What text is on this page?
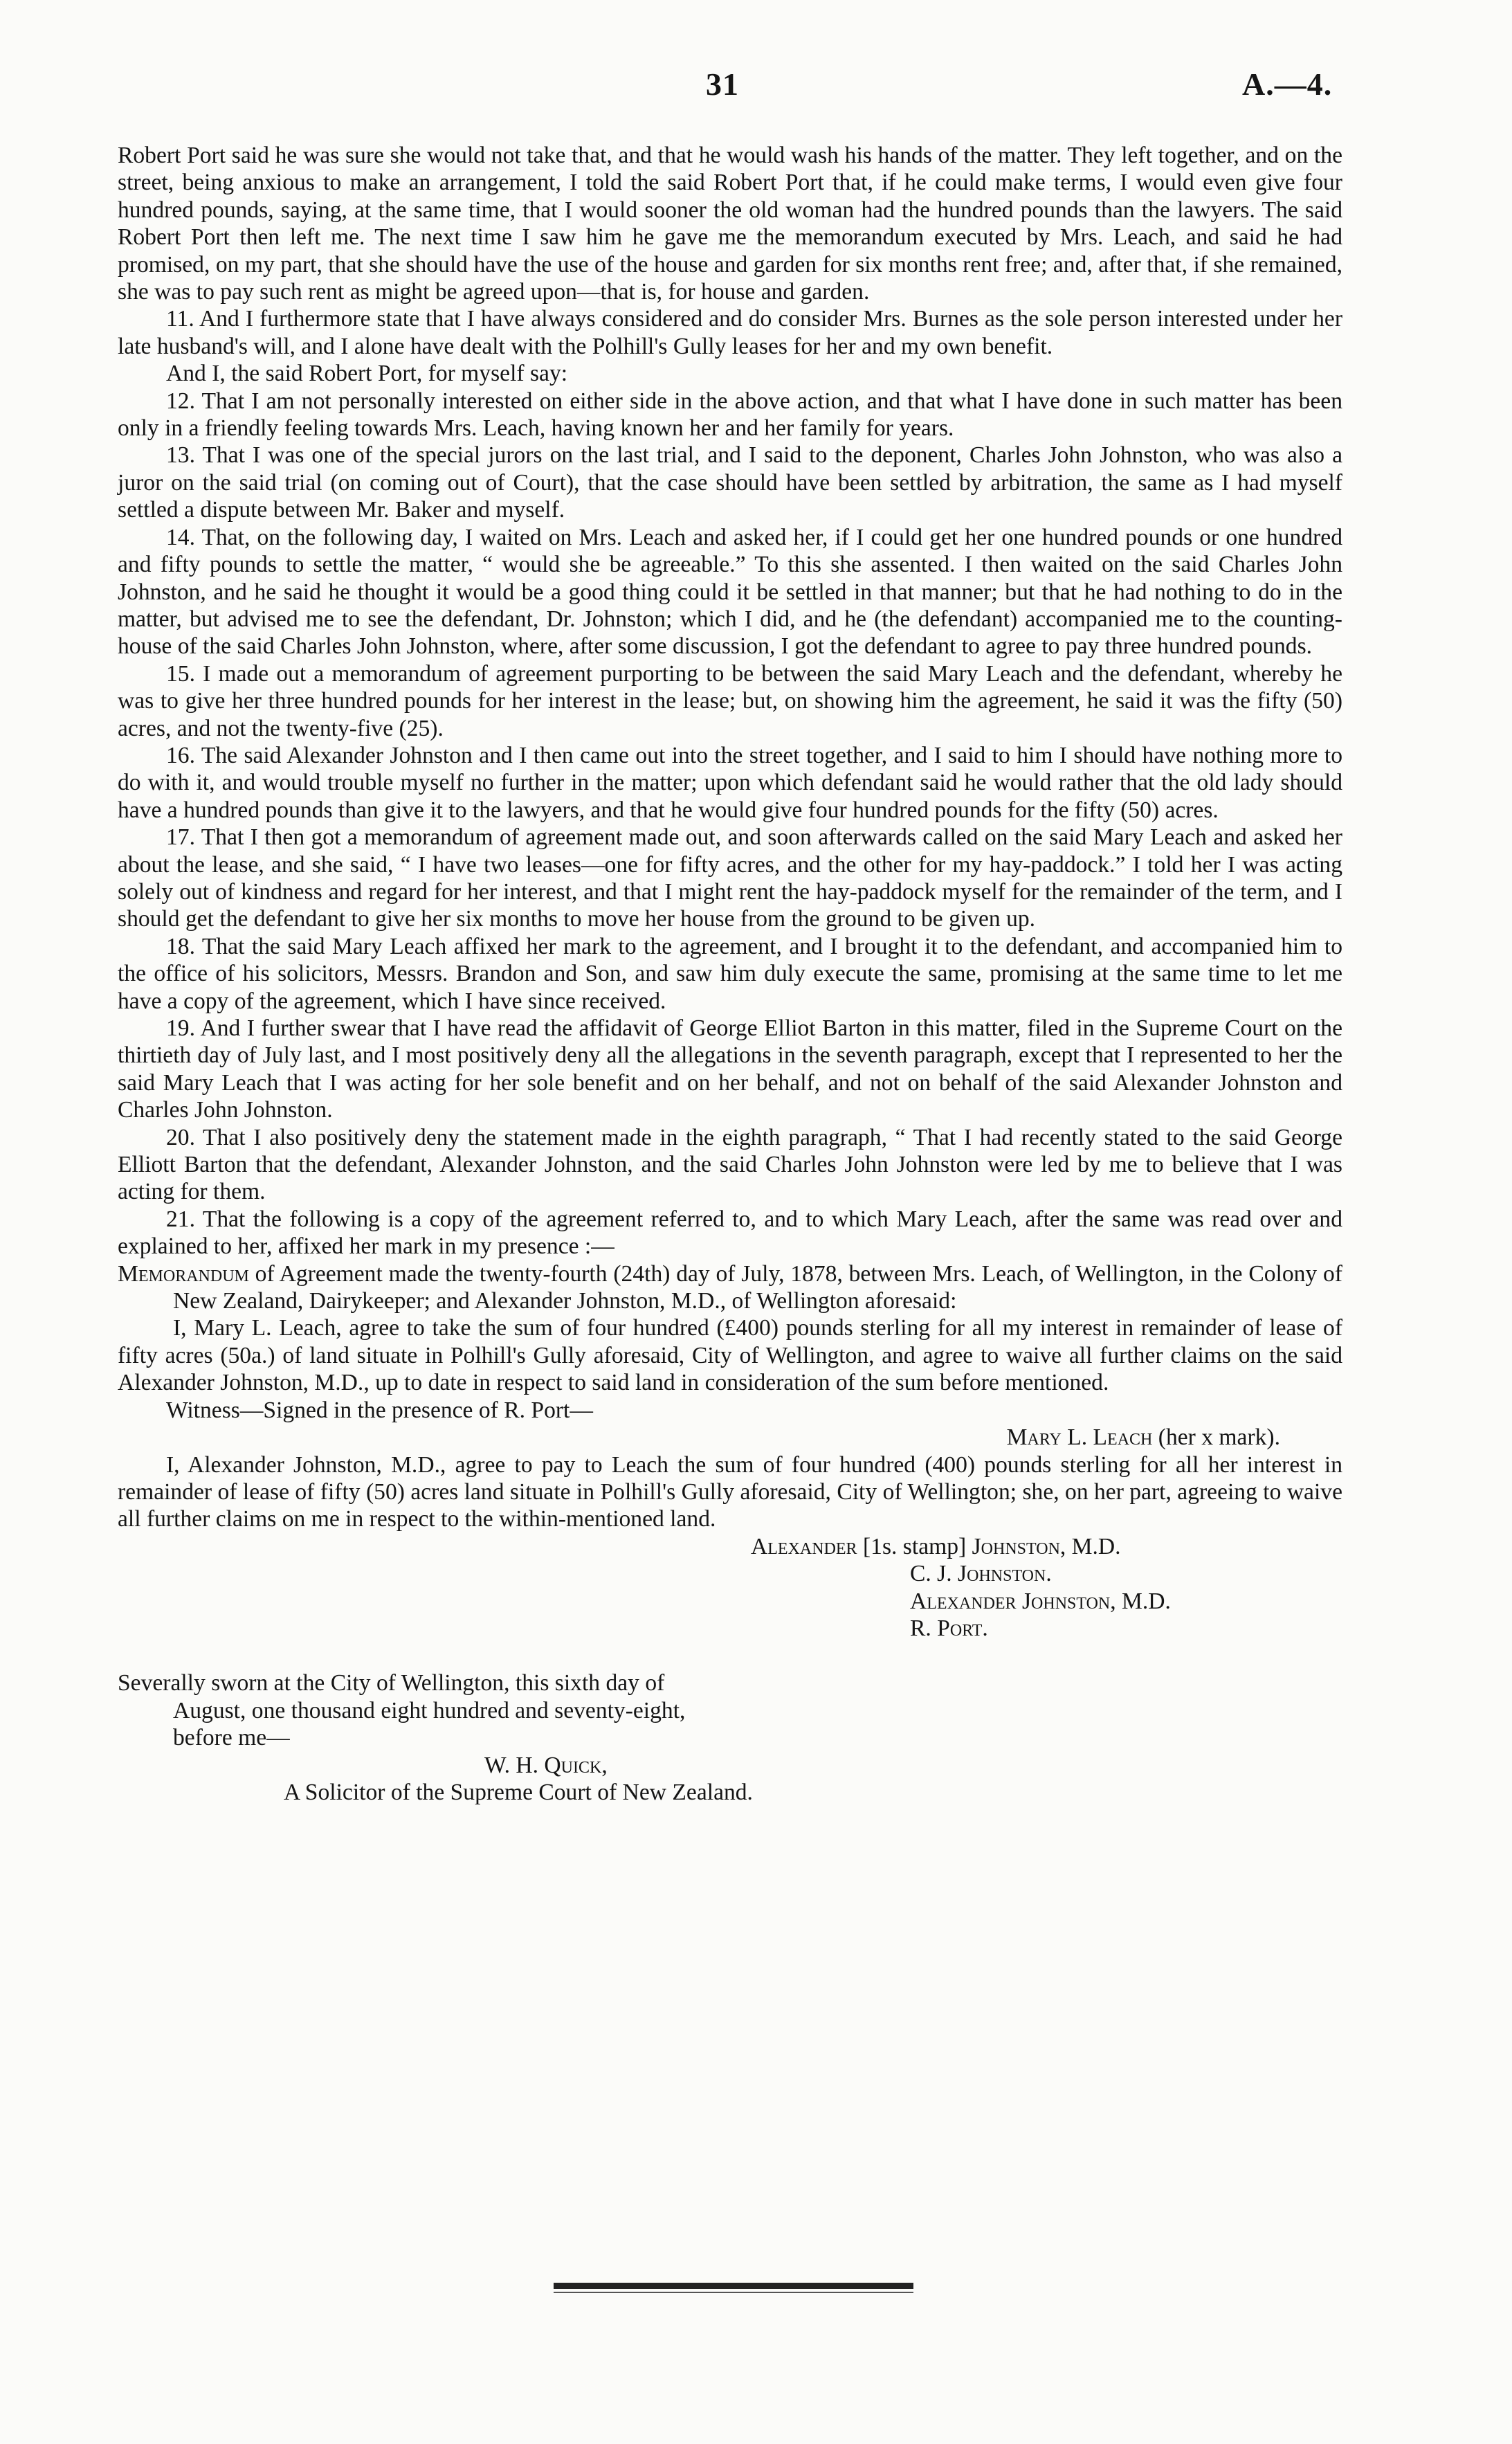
31	A.—4.

Robert Port said he was sure she would not take that, and that he would wash his hands of the matter. They left together, and on the street, being anxious to make an arrangement, I told the said Robert Port that, if he could make terms, I would even give four hundred pounds, saying, at the same time, that I would sooner the old woman had the hundred pounds than the lawyers. The said Robert Port then left me. The next time I saw him he gave me the memorandum executed by Mrs. Leach, and said he had promised, on my part, that she should have the use of the house and garden for six months rent free; and, after that, if she remained, she was to pay such rent as might be agreed upon—that is, for house and garden.

11. And I furthermore state that I have always considered and do consider Mrs. Burnes as the sole person interested under her late husband's will, and I alone have dealt with the Polhill's Gully leases for her and my own benefit.

And I, the said Robert Port, for myself say:

12. That I am not personally interested on either side in the above action, and that what I have done in such matter has been only in a friendly feeling towards Mrs. Leach, having known her and her family for years.

13. That I was one of the special jurors on the last trial, and I said to the deponent, Charles John Johnston, who was also a juror on the said trial (on coming out of Court), that the case should have been settled by arbitration, the same as I had myself settled a dispute between Mr. Baker and myself.

14. That, on the following day, I waited on Mrs. Leach and asked her, if I could get her one hundred pounds or one hundred and fifty pounds to settle the matter, “ would she be agreeable.” To this she assented. I then waited on the said Charles John Johnston, and he said he thought it would be a good thing could it be settled in that manner; but that he had nothing to do in the matter, but advised me to see the defendant, Dr. Johnston; which I did, and he (the defendant) accompanied me to the counting-house of the said Charles John Johnston, where, after some discussion, I got the defendant to agree to pay three hundred pounds.

15. I made out a memorandum of agreement purporting to be between the said Mary Leach and the defendant, whereby he was to give her three hundred pounds for her interest in the lease; but, on showing him the agreement, he said it was the fifty (50) acres, and not the twenty-five (25).

16. The said Alexander Johnston and I then came out into the street together, and I said to him I should have nothing more to do with it, and would trouble myself no further in the matter; upon which defendant said he would rather that the old lady should have a hundred pounds than give it to the lawyers, and that he would give four hundred pounds for the fifty (50) acres.

17. That I then got a memorandum of agreement made out, and soon afterwards called on the said Mary Leach and asked her about the lease, and she said, “ I have two leases—one for fifty acres, and the other for my hay-paddock.” I told her I was acting solely out of kindness and regard for her interest, and that I might rent the hay-paddock myself for the remainder of the term, and I should get the defendant to give her six months to move her house from the ground to be given up.

18. That the said Mary Leach affixed her mark to the agreement, and I brought it to the defendant, and accompanied him to the office of his solicitors, Messrs. Brandon and Son, and saw him duly execute the same, promising at the same time to let me have a copy of the agreement, which I have since received.

19. And I further swear that I have read the affidavit of George Elliot Barton in this matter, filed in the Supreme Court on the thirtieth day of July last, and I most positively deny all the allegations in the seventh paragraph, except that I represented to her the said Mary Leach that I was acting for her sole benefit and on her behalf, and not on behalf of the said Alexander Johnston and Charles John Johnston.

20. That I also positively deny the statement made in the eighth paragraph, “ That I had recently stated to the said George Elliott Barton that the defendant, Alexander Johnston, and the said Charles John Johnston were led by me to believe that I was acting for them.

21. That the following is a copy of the agreement referred to, and to which Mary Leach, after the same was read over and explained to her, affixed her mark in my presence :—

Memorandum of Agreement made the twenty-fourth (24th) day of July, 1878, between Mrs. Leach, of Wellington, in the Colony of New Zealand, Dairykeeper; and Alexander Johnston, M.D., of Wellington aforesaid:

I, Mary L. Leach, agree to take the sum of four hundred (£400) pounds sterling for all my interest in remainder of lease of fifty acres (50a.) of land situate in Polhill's Gully aforesaid, City of Wellington, and agree to waive all further claims on the said Alexander Johnston, M.D., up to date in respect to said land in consideration of the sum before mentioned.

Witness—Signed in the presence of R. Port—

Mary L. Leach (her x mark).

I, Alexander Johnston, M.D., agree to pay to Leach the sum of four hundred (400) pounds sterling for all her interest in remainder of lease of fifty (50) acres land situate in Polhill's Gully aforesaid, City of Wellington; she, on her part, agreeing to waive all further claims on me in respect to the within-mentioned land.

Alexander [1s. stamp] Johnston, M.D.
C. J. Johnston.
Alexander Johnston, M.D.
R. Port.

Severally sworn at the City of Wellington, this sixth day of

August, one thousand eight hundred and seventy-eight,

before me—

W. H. Quick,

A Solicitor of the Supreme Court of New Zealand.
